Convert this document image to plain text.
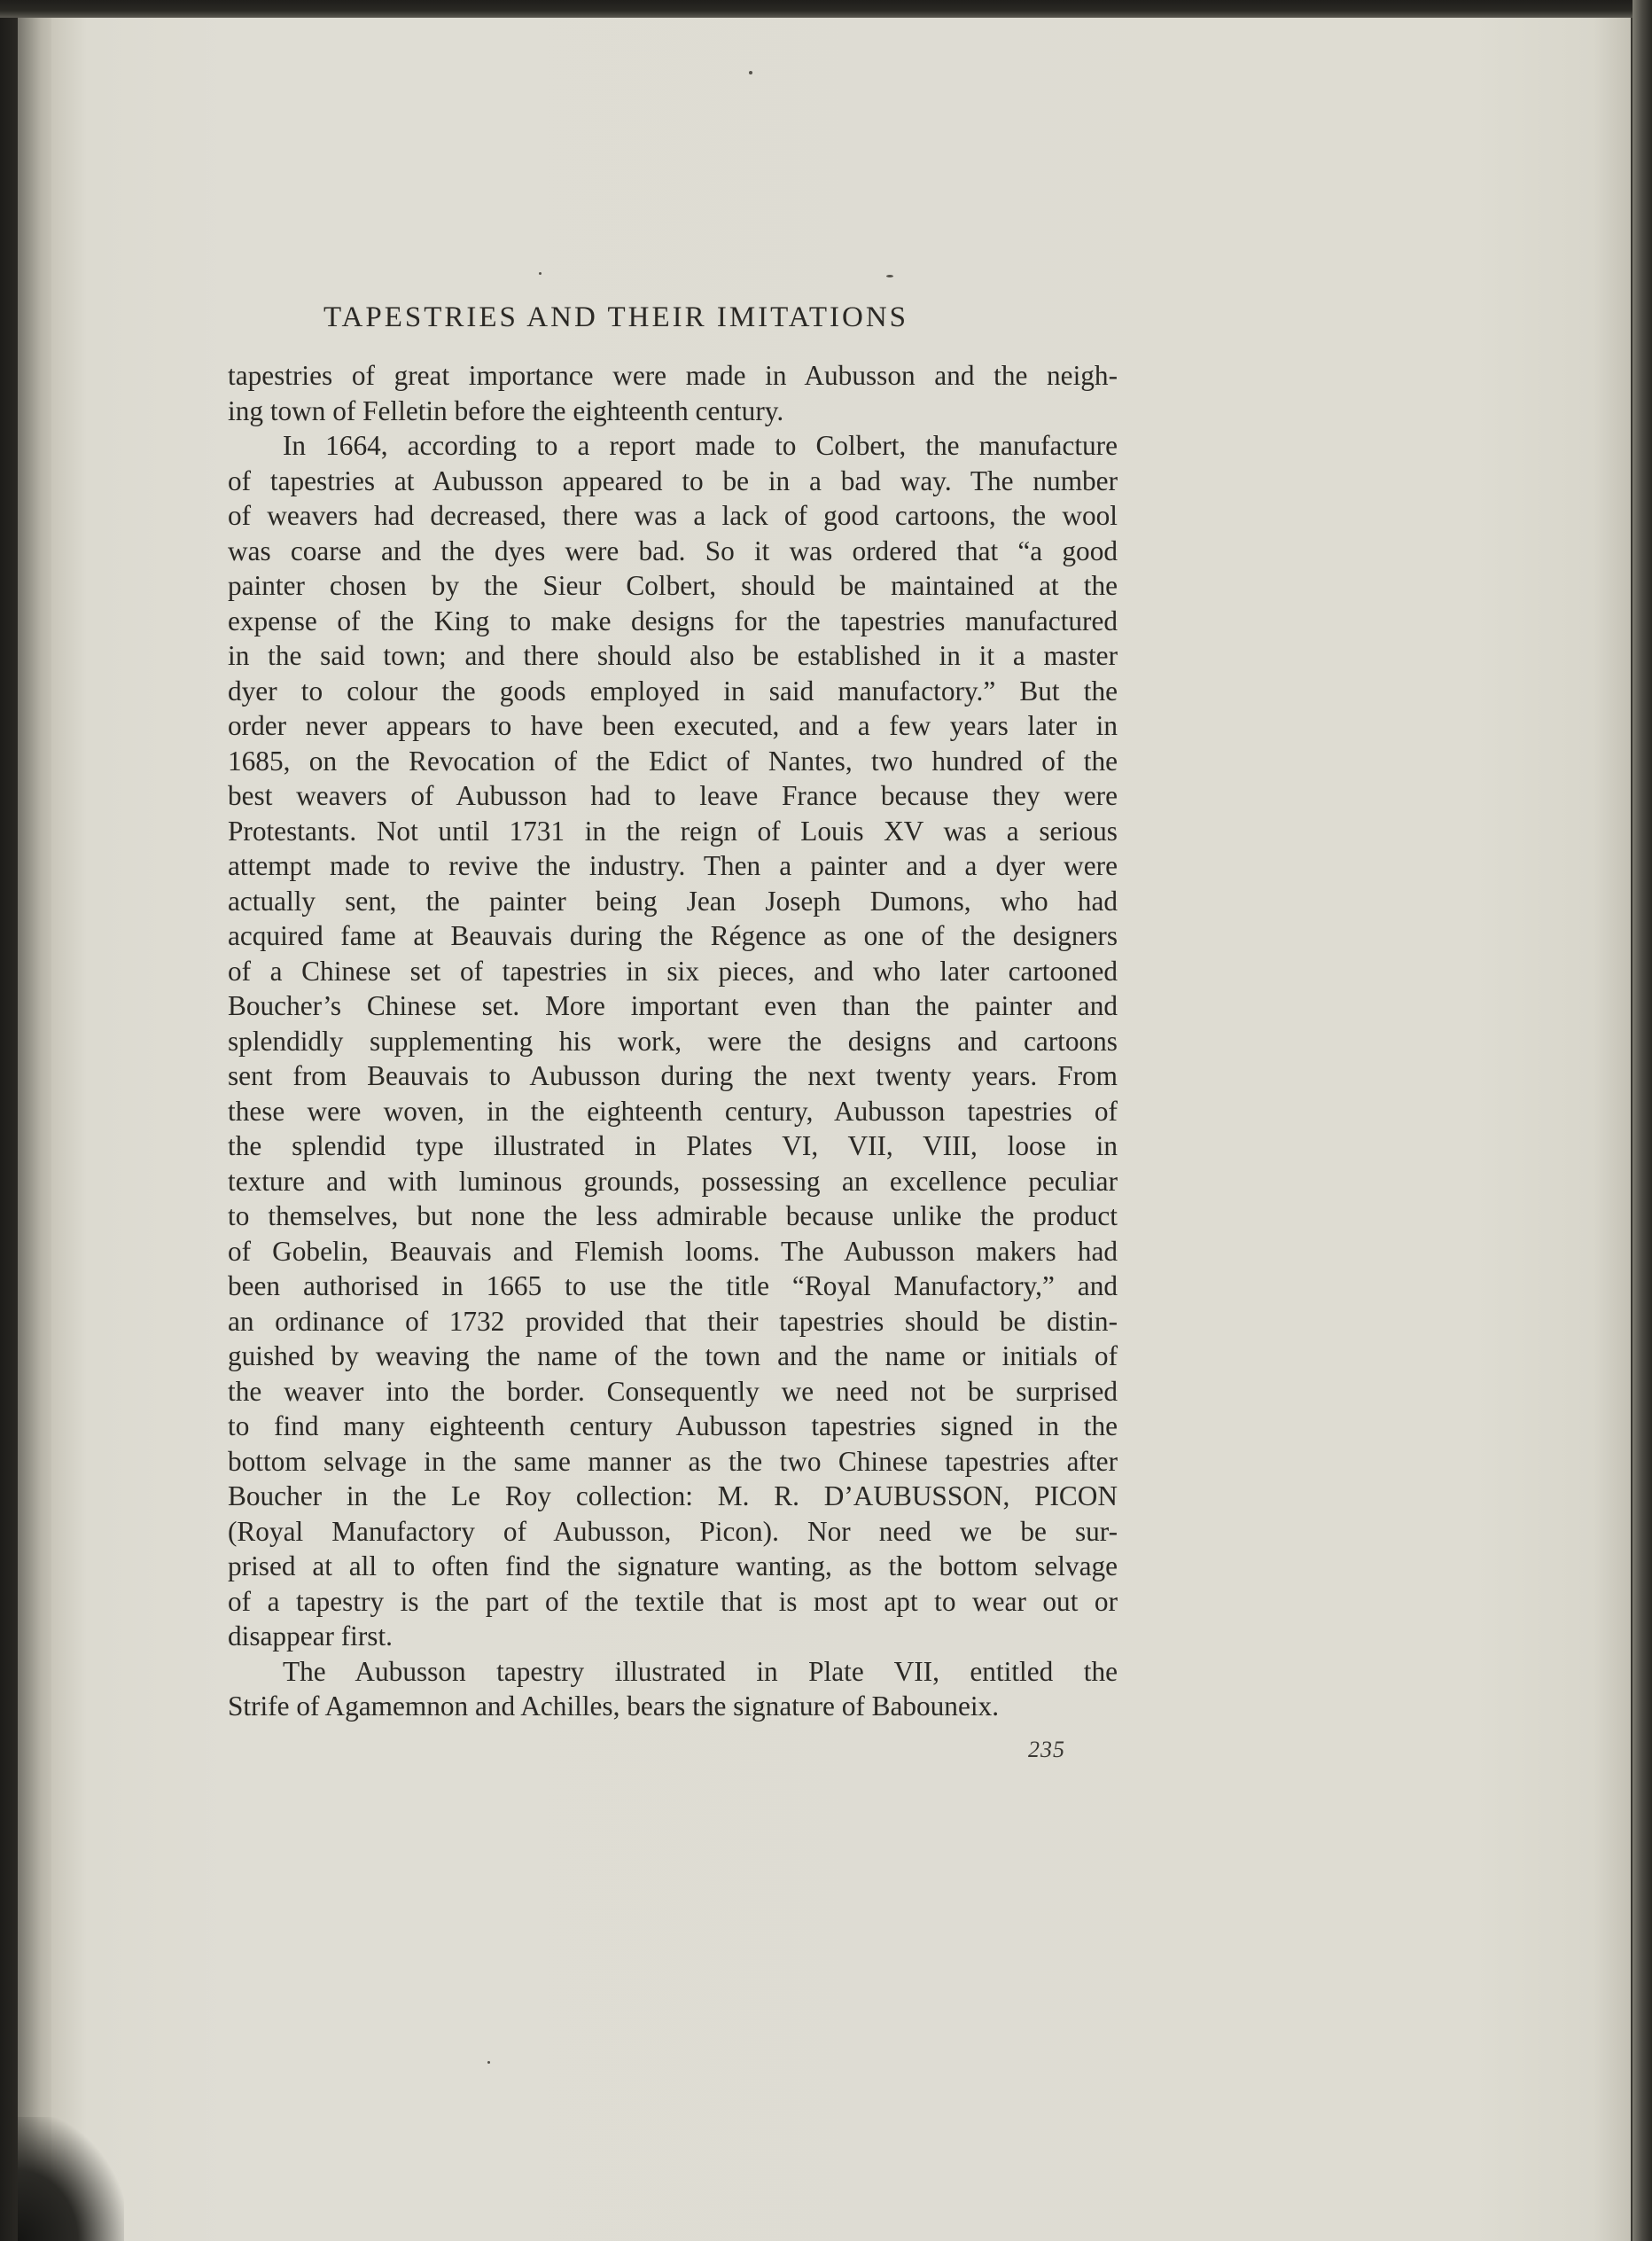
TAPESTRIES AND THEIR IMITATIONS
tapestries of great importance were made in Aubusson and the neigh-
ing town of Felletin before the eighteenth century.
In 1664, according to a report made to Colbert, the manufacture
of tapestries at Aubusson appeared to be in a bad way. The number
of weavers had decreased, there was a lack of good cartoons, the wool
was coarse and the dyes were bad. So it was ordered that “a good
painter chosen by the Sieur Colbert, should be maintained at the
expense of the King to make designs for the tapestries manufactured
in the said town; and there should also be established in it a master
dyer to colour the goods employed in said manufactory.” But the
order never appears to have been executed, and a few years later in
1685, on the Revocation of the Edict of Nantes, two hundred of the
best weavers of Aubusson had to leave France because they were
Protestants. Not until 1731 in the reign of Louis XV was a serious
attempt made to revive the industry. Then a painter and a dyer were
actually sent, the painter being Jean Joseph Dumons, who had
acquired fame at Beauvais during the Régence as one of the designers
of a Chinese set of tapestries in six pieces, and who later cartooned
Boucher’s Chinese set. More important even than the painter and
splendidly supplementing his work, were the designs and cartoons
sent from Beauvais to Aubusson during the next twenty years. From
these were woven, in the eighteenth century, Aubusson tapestries of
the splendid type illustrated in Plates VI, VII, VIII, loose in
texture and with luminous grounds, possessing an excellence peculiar
to themselves, but none the less admirable because unlike the product
of Gobelin, Beauvais and Flemish looms. The Aubusson makers had
been authorised in 1665 to use the title “Royal Manufactory,” and
an ordinance of 1732 provided that their tapestries should be distin-
guished by weaving the name of the town and the name or initials of
the weaver into the border. Consequently we need not be surprised
to find many eighteenth century Aubusson tapestries signed in the
bottom selvage in the same manner as the two Chinese tapestries after
Boucher in the Le Roy collection: M. R. D’AUBUSSON, PICON
(Royal Manufactory of Aubusson, Picon). Nor need we be sur-
prised at all to often find the signature wanting, as the bottom selvage
of a tapestry is the part of the textile that is most apt to wear out or
disappear first.
The Aubusson tapestry illustrated in Plate VII, entitled the
Strife of Agamemnon and Achilles, bears the signature of Babouneix.
235
